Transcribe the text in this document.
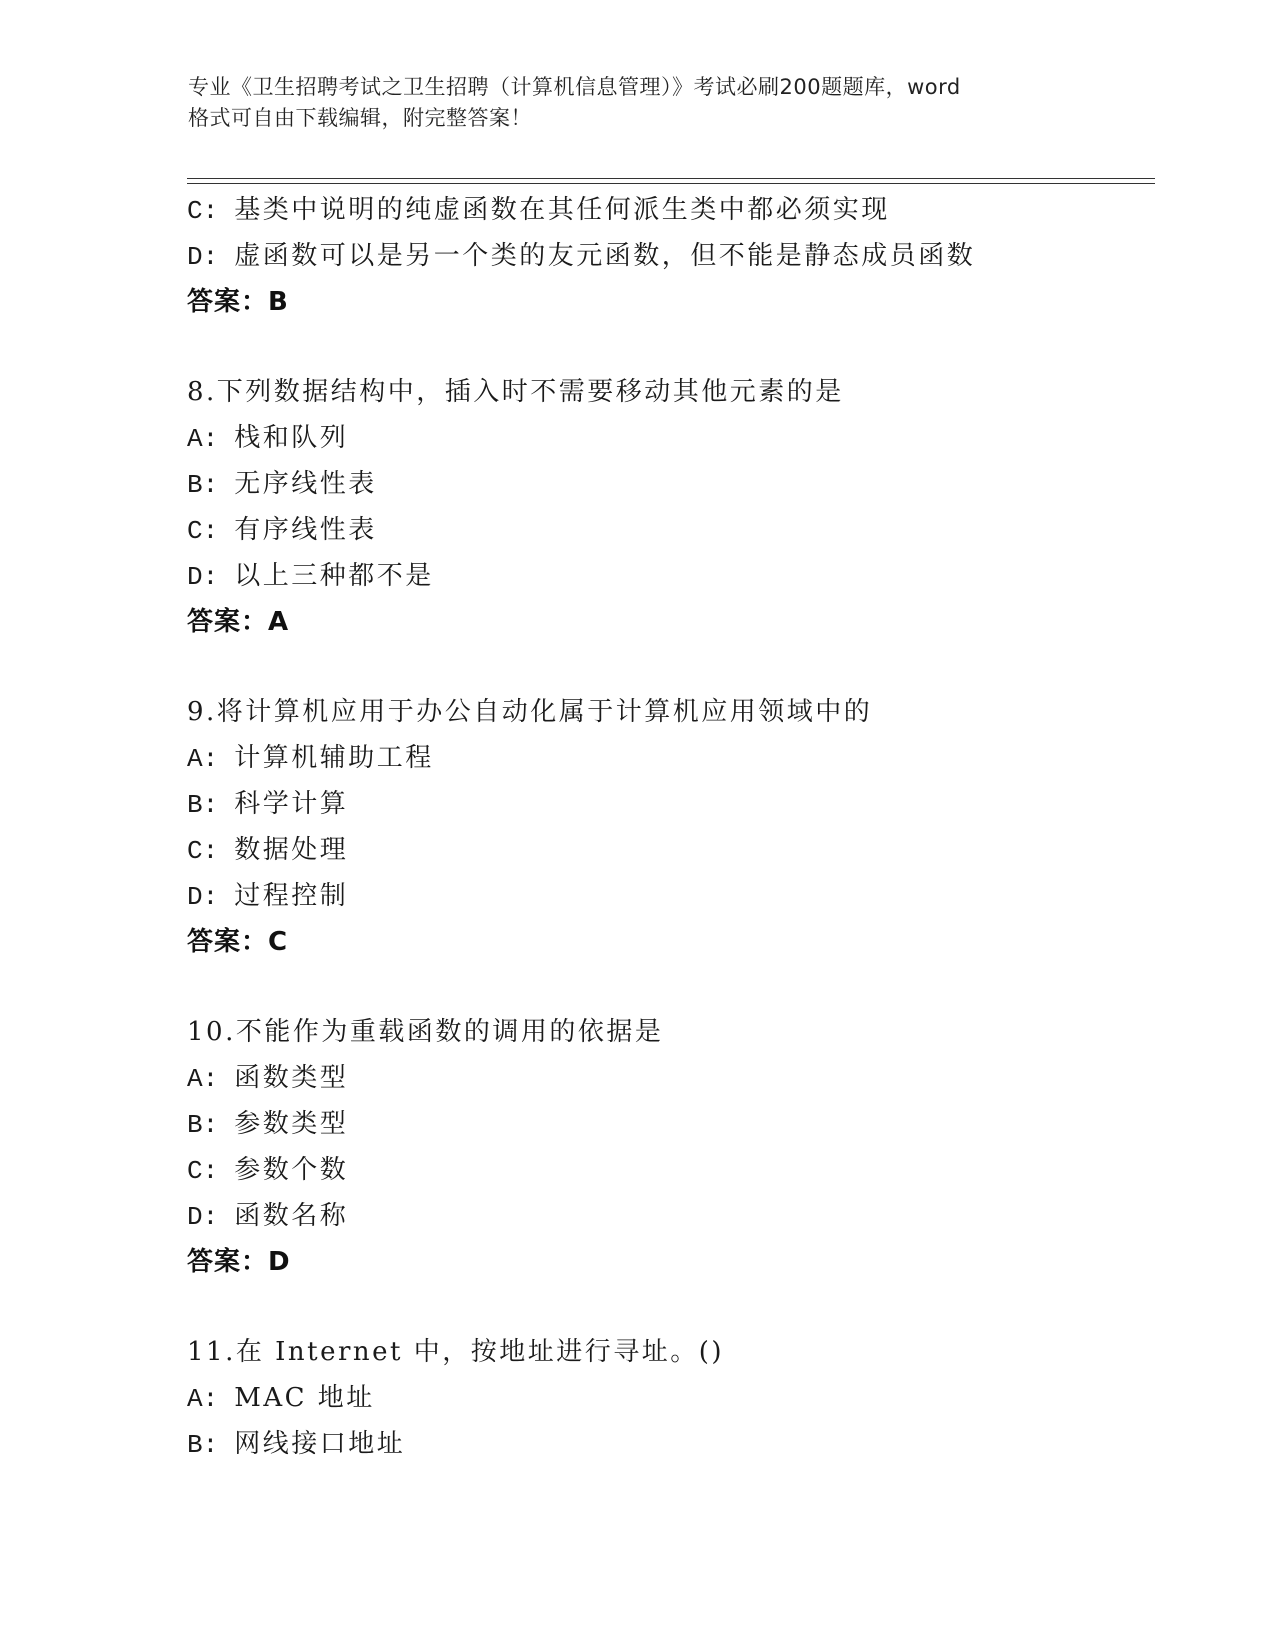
专业《卫生招聘考试之卫生招聘（计算机信息管理）》考试必刷200题题库，word
格式可自由下载编辑，附完整答案！
C: 基类中说明的纯虚函数在其任何派生类中都必须实现
D: 虚函数可以是另一个类的友元函数，但不能是静态成员函数
答案：B
8.下列数据结构中，插入时不需要移动其他元素的是
A: 栈和队列
B: 无序线性表
C: 有序线性表
D: 以上三种都不是
答案：A
9.将计算机应用于办公自动化属于计算机应用领域中的
A: 计算机辅助工程
B: 科学计算
C: 数据处理
D: 过程控制
答案：C
10.不能作为重载函数的调用的依据是
A: 函数类型
B: 参数类型
C: 参数个数
D: 函数名称
答案：D
11.在 Internet 中，按地址进行寻址。()
A: MAC 地址
B: 网线接口地址
